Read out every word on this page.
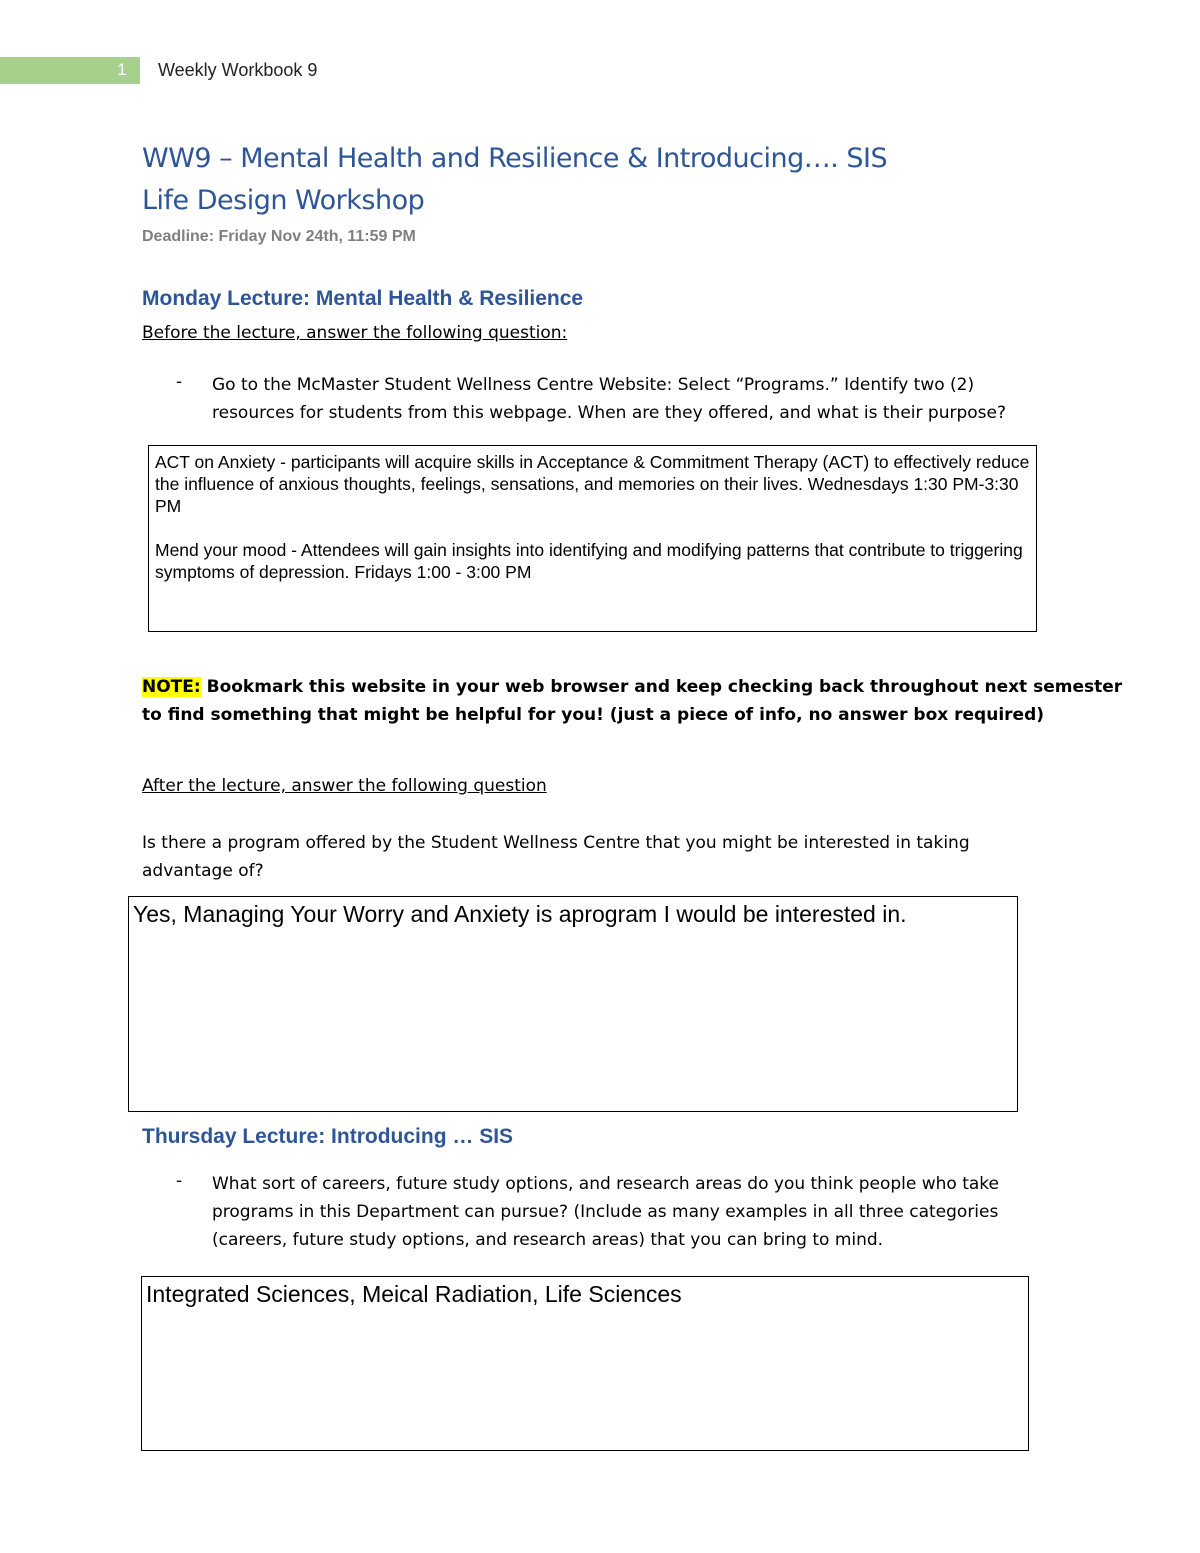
1	Weekly Workbook 9
WW9 – Mental Health and Resilience & Introducing…. SIS
Life Design Workshop
Deadline: Friday Nov 24th, 11:59 PM
Monday Lecture: Mental Health & Resilience
Before the lecture, answer the following question:
- Go to the McMaster Student Wellness Centre Website: Select “Programs.” Identify two (2)
resources for students from this webpage. When are they offered, and what is their purpose?

ACT on Anxiety - participants will acquire skills in Acceptance & Commitment Therapy (ACT) to effectively reduce the influence of anxious thoughts, feelings, sensations, and memories on their lives. Wednesdays 1:30 PM-3:30 PM

Mend your mood - Attendees will gain insights into identifying and modifying patterns that contribute to triggering symptoms of depression. Fridays 1:00 - 3:00 PM

NOTE: Bookmark this website in your web browser and keep checking back throughout next semester
to find something that might be helpful for you! (just a piece of info, no answer box required)
After the lecture, answer the following question
Is there a program offered by the Student Wellness Centre that you might be interested in taking
advantage of?
Yes, Managing Your Worry and Anxiety is aprogram I would be interested in.
Thursday Lecture: Introducing … SIS
- What sort of careers, future study options, and research areas do you think people who take
programs in this Department can pursue? (Include as many examples in all three categories
(careers, future study options, and research areas) that you can bring to mind.
Integrated Sciences, Meical Radiation, Life Sciences
